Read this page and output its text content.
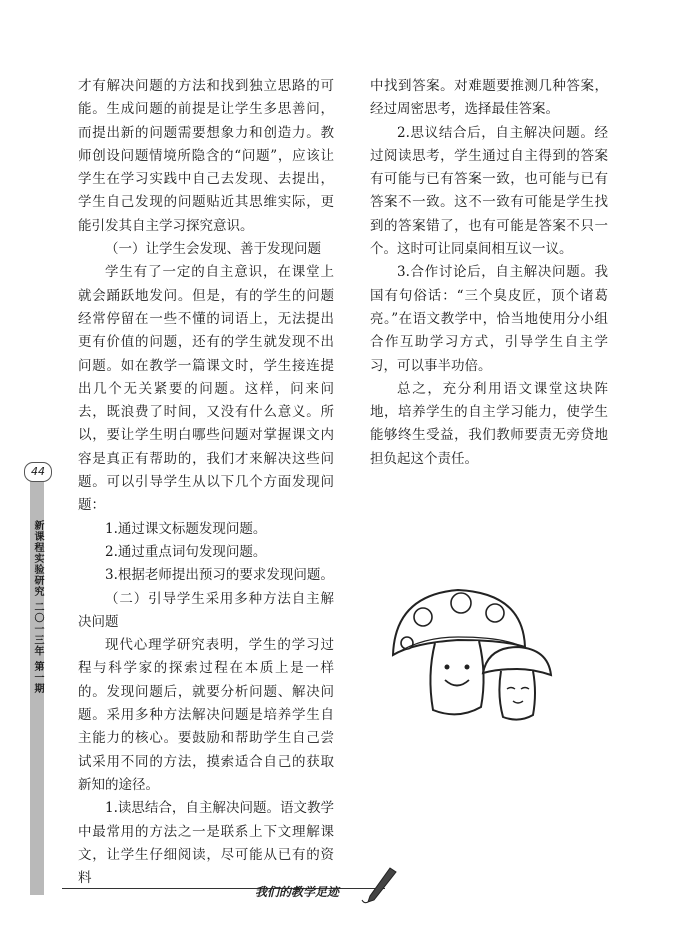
44
新课程实验研究 二〇一三年 第一期

才有解决问题的方法和找到独立思路的可能。生成问题的前提是让学生多思善问，而提出新的问题需要想象力和创造力。教师创设问题情境所隐含的“问题”，应该让学生在学习实践中自己去发现、去提出，学生自己发现的问题贴近其思维实际，更能引发其自主学习探究意识。

（一）让学生会发现、善于发现问题

学生有了一定的自主意识，在课堂上就会踊跃地发问。但是，有的学生的问题经常停留在一些不懂的词语上，无法提出更有价值的问题，还有的学生就发现不出问题。如在教学一篇课文时，学生接连提出几个无关紧要的问题。这样，问来问去，既浪费了时间，又没有什么意义。所以，要让学生明白哪些问题对掌握课文内容是真正有帮助的，我们才来解决这些问题。可以引导学生从以下几个方面发现问题：

1.通过课文标题发现问题。

2.通过重点词句发现问题。

3.根据老师提出预习的要求发现问题。

（二）引导学生采用多种方法自主解决问题

现代心理学研究表明，学生的学习过程与科学家的探索过程在本质上是一样的。发现问题后，就要分析问题、解决问题。采用多种方法解决问题是培养学生自主能力的核心。要鼓励和帮助学生自己尝试采用不同的方法，摸索适合自己的获取新知的途径。

1.读思结合，自主解决问题。语文教学中最常用的方法之一是联系上下文理解课文，让学生仔细阅读，尽可能从已有的资料

中找到答案。对难题要推测几种答案，经过周密思考，选择最佳答案。

2.思议结合后，自主解决问题。经过阅读思考，学生通过自主得到的答案有可能与已有答案一致，也可能与已有答案不一致。这不一致有可能是学生找到的答案错了，也有可能是答案不只一个。这时可让同桌间相互议一议。

3.合作讨论后，自主解决问题。我国有句俗话：“三个臭皮匠，顶个诸葛亮。”在语文教学中，恰当地使用分小组合作互助学习方式，引导学生自主学习，可以事半功倍。

总之，充分利用语文课堂这块阵地，培养学生的自主学习能力，使学生能够终生受益，我们教师要责无旁贷地担负起这个责任。

我们的教学足迹
